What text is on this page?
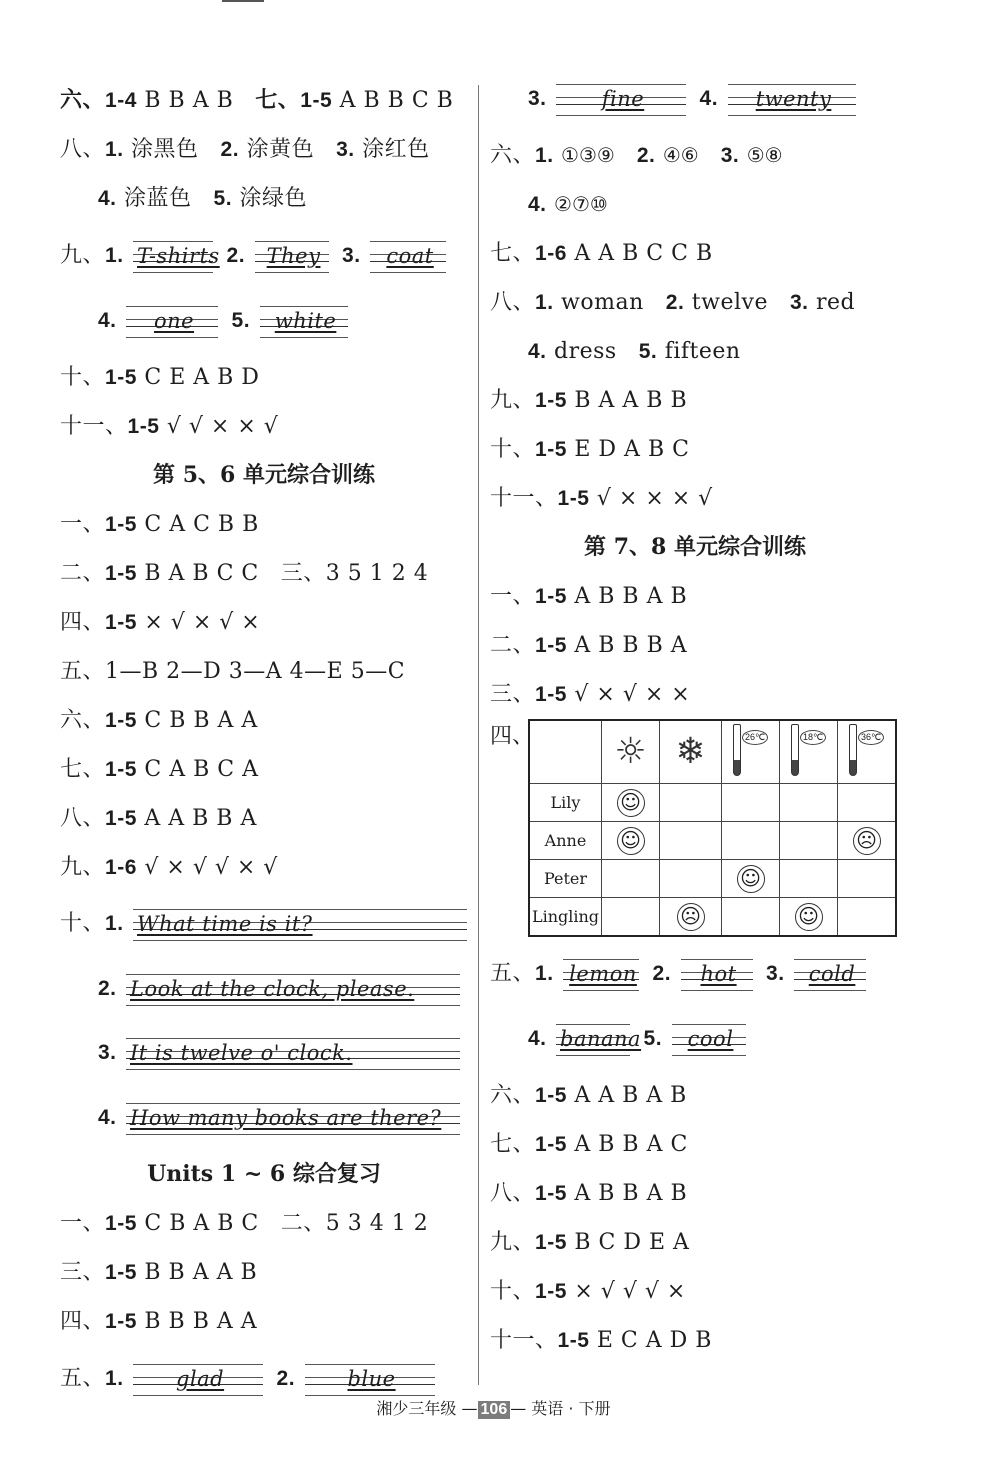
六、1-4 B B A B 七、1-5 A B B C B
八、1. 涂黑色 2. 涂黄色 3. 涂红色
4. 涂蓝色 5. 涂绿色
九、1. T-shirts 2.	They	3.	coat
4.	one	5.	white
十、1-5 C E A B D
十一、1-5 √ √ × × √
第 5、6 单元综合训练
一、1-5 C A C B B
二、1-5 B A B C C 三、3 5 1 2 4
四、1-5 × √ × √ ×
五、1—B 2—D 3—A 4—E 5—C
六、1-5 C B B A A
七、1-5 C A B C A
八、1-5 A A B B A
九、1-6 √ × √ √ × √
十、1. What time is it?
2. Look at the clock, please.
3. It is twelve o' clock.
4. How many books are there?
Units 1 ~ 6 综合复习
一、1-5 C B A B C 二、5 3 4 1 2
三、1-5 B B A A B
四、1-5 B B B A A
五、1.	glad	2.	blue
3.	fine	4.	twenty
六、1. ①③⑨ 2. ④⑥ 3. ⑤⑧
4. ②⑦⑩
七、1-6 A A B C C B
八、1. woman 2. twelve 3. red
4. dress 5. fifteen
九、1-5 B A A B B
十、1-5 E D A B C
十一、1-5 √ × × × √
第 7、8 单元综合训练
一、1-5 A B B A B
二、1-5 A B B B A
三、1-5 √ × √ × ×
四、
	☼	❄	26℃	18℃	36℃

Lily	☺				
Anne	☺				☹
Peter			☺		
Lingling		☹		☺	
五、1. lemon 2.	hot	3.	cold
4. banana 5.	cool
六、1-5 A A B A B
七、1-5 A B B A C
八、1-5 A B B A B
九、1-5 B C D E A
十、1-5 × √ √ √ ×
十一、1-5 E C A D B
湘少三年级 — 106 — 英语 · 下册
